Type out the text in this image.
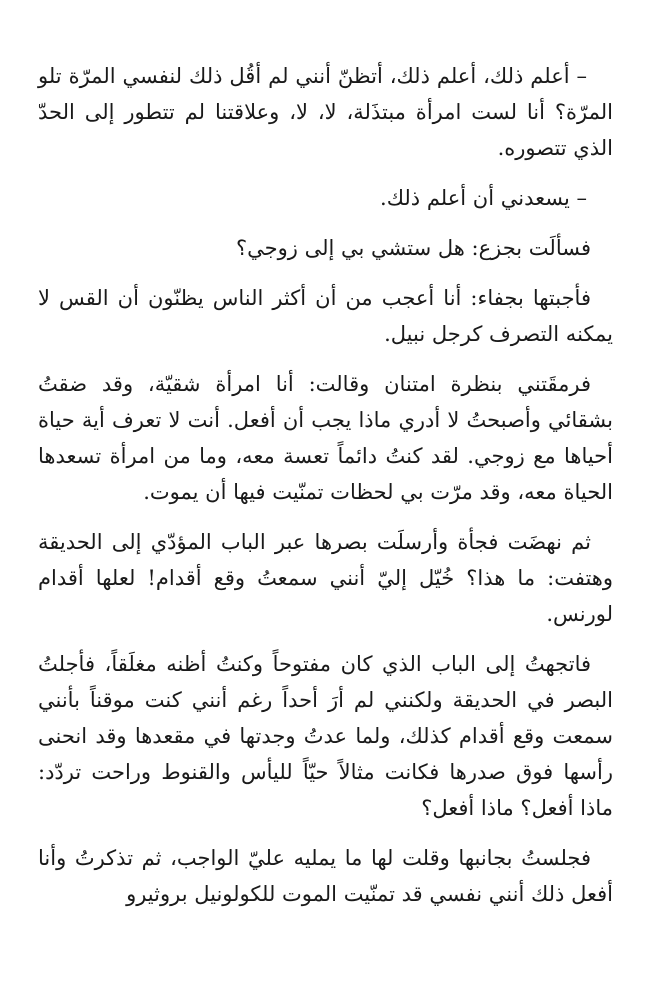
– أعلم ذلك، أعلم ذلك، أتظنّ أنني لم أقُل ذلك لنفسي المرّة تلو المرّة؟ أنا لست امرأة مبتذَلة، لا، لا، وعلاقتنا لم تتطور إلى الحدّ الذي تتصوره.

– يسعدني أن أعلم ذلك.

فسألَت بجزع: هل ستشي بي إلى زوجي؟

فأجبتها بجفاء: أنا أعجب من أن أكثر الناس يظنّون أن القس لا يمكنه التصرف كرجل نبيل.

فرمقَتني بنظرة امتنان وقالت: أنا امرأة شقيّة، وقد ضقتُ بشقائي وأصبحتُ لا أدري ماذا يجب أن أفعل. أنت لا تعرف أية حياة أحياها مع زوجي. لقد كنتُ دائماً تعسة معه، وما من امرأة تسعدها الحياة معه، وقد مرّت بي لحظات تمنّيت فيها أن يموت.

ثم نهضَت فجأة وأرسلَت بصرها عبر الباب المؤدّي إلى الحديقة وهتفت: ما هذا؟ خُيّل إليّ أنني سمعتُ وقع أقدام! لعلها أقدام لورنس.

فاتجهتُ إلى الباب الذي كان مفتوحاً وكنتُ أظنه مغلَقاً، فأجلتُ البصر في الحديقة ولكنني لم أرَ أحداً رغم أنني كنت موقناً بأنني سمعت وقع أقدام كذلك، ولما عدتُ وجدتها في مقعدها وقد انحنى رأسها فوق صدرها فكانت مثالاً حيّاً لليأس والقنوط وراحت تردّد: ماذا أفعل؟ ماذا أفعل؟

فجلستُ بجانبها وقلت لها ما يمليه عليّ الواجب، ثم تذكرتُ وأنا أفعل ذلك أنني نفسي قد تمنّيت الموت للكولونيل بروثيرو
